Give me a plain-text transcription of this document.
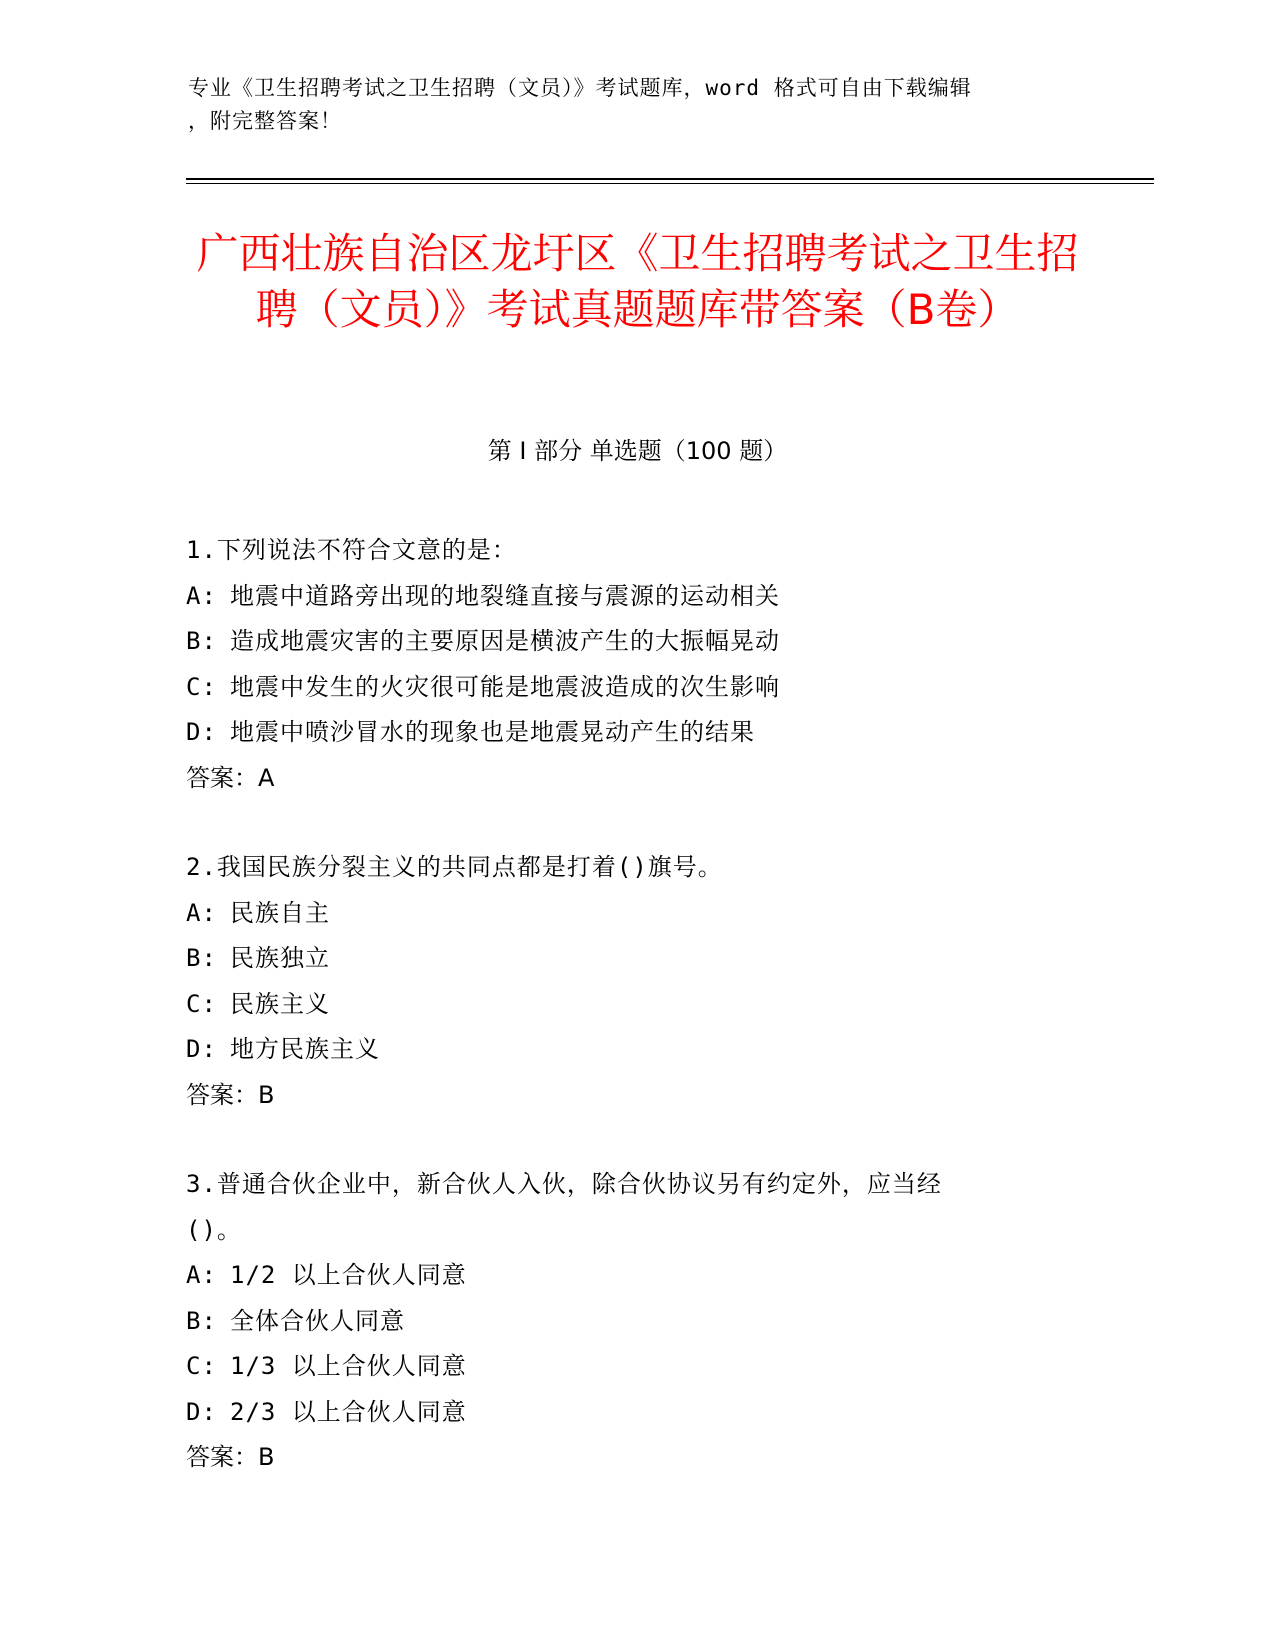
专业《卫生招聘考试之卫生招聘（文员）》考试题库，word 格式可自由下载编辑
，附完整答案！
广西壮族自治区龙圩区《卫生招聘考试之卫生招聘（文员）》考试真题题库带答案（B卷）
第 I 部分 单选题（100 题）
1.下列说法不符合文意的是：
A: 地震中道路旁出现的地裂缝直接与震源的运动相关
B: 造成地震灾害的主要原因是横波产生的大振幅晃动
C: 地震中发生的火灾很可能是地震波造成的次生影响
D: 地震中喷沙冒水的现象也是地震晃动产生的结果
答案：A
2.我国民族分裂主义的共同点都是打着()旗号。
A: 民族自主
B: 民族独立
C: 民族主义
D: 地方民族主义
答案：B
3.普通合伙企业中，新合伙人入伙，除合伙协议另有约定外，应当经
()。
A: 1/2 以上合伙人同意
B: 全体合伙人同意
C: 1/3 以上合伙人同意
D: 2/3 以上合伙人同意
答案：B
